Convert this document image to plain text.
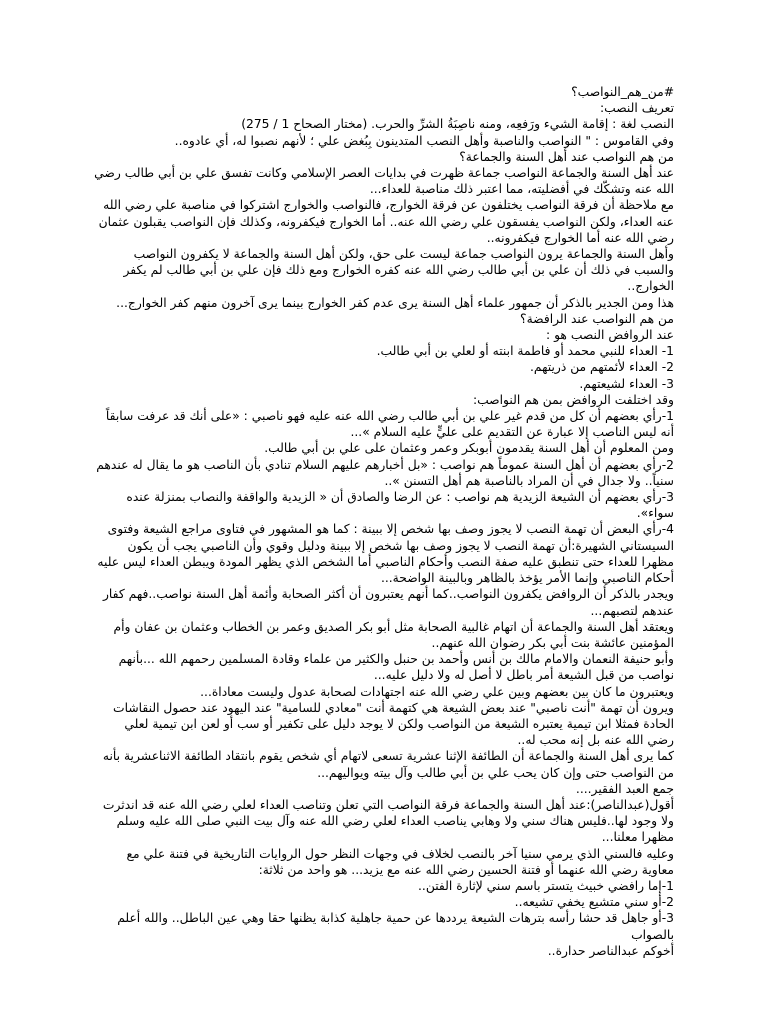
#من_هم_النواصب؟

تعريف النصب:

النصب لغة : إقامة الشيء ورَفعِه، ومنه ناصِبَةُ الشرِّ والحرب. (مختار الصحاح 1 / 275)

وفي القاموس : " النواصب والناصبة وأهل النصب المتدينون بِبُغض علي ؛ لأنهم نصبوا له، أي عادوه..

من هم النواصب عند أهل السنة والجماعة؟

عند أهل السنة والجماعة النواصب جماعة ظهرت في بدايات العصر الإسلامي وكانت تفسق علي بن أبي طالب رضي الله عنه وتشكّك في أفضليته، مما اعتبر ذلك مناصبة للعداء...

مع ملاحظة أن فرقة النواصب يختلفون عن فرقة الخوارج، فالنواصب والخوارج اشتركوا في مناصبة علي رضي الله عنه العداء، ولكن النواصب يفسقون علي رضي الله عنه.. أما الخوارج فيكفرونه، وكذلك فإن النواصب يقبلون عثمان رضي الله عنه أما الخوارج فيكفرونه..

وأهل السنة والجماعة يرون النواصب جماعة ليست على حق، ولكن أهل السنة والجماعة لا يكفرون النواصب والسبب في ذلك أن علي بن أبي طالب رضي الله عنه كفره الخوارج ومع ذلك فإن علي بن أبي طالب لم يكفر الخوارج..

هذا ومن الجدير بالذكر أن جمهور علماء أهل السنة يرى عدم كفر الخوارج بينما يرى آخرون منهم كفر الخوارج...

من هم النواصب عند الرافضة؟

عند الروافض النصب هو :

1- العداء للنبي محمد أو فاطمة ابنته أو لعلي بن أبي طالب.

2- العداء لأئمتهم من ذريتهم.

3- العداء لشيعتهم.

وقد اختلفت الروافض بمن هم النواصب:

1-رأي بعضهم أن كل من قدم غير علي بن أبي طالب رضي الله عنه عليه فهو ناصبي : «على أنك قد عرفت سابقاً أنه ليس الناصب إلا عبارة عن التقديم على عليٍّ عليه السلام »...

ومن المعلوم أن أهل السنة يقدمون أبوبكر وعمر وعثمان على علي بن أبي طالب.

2-رأي بعضهم أن أهل السنة عموماً هم نواصب : «بل أخبارهم عليهم السلام تنادي بأن الناصب هو ما يقال له عندهم سنياً.. ولا جدال في أن المراد بالناصبة هم أهل التسنن »..

3-رأي بعضهم أن الشيعة الزيدية هم نواصب : عن الرضا والصادق أن « الزيدية والواقفة والنصاب بمنزلة عنده سواء».

4-رأي البعض أن تهمة النصب لا يجوز وصف بها شخص إلا ببينة : كما هو المشهور في فتاوى مراجع الشيعة وفتوى السيستاني الشهيرة:أن تهمة النصب لا يجوز وصف بها شخص إلا ببينة ودليل وقوي وأن الناصبي يجب أن يكون مظهرا للعداء حتى تنطبق عليه صفة النصب وأحكام الناصبي أما الشخص الذي يظهر المودة ويبطن العداء ليس عليه أحكام الناصبي وإنما الأمر يؤخذ بالظاهر وبالبينة الواضحة...

ويجدر بالذكر أن الروافض يكفرون النواصب..كما أنهم يعتبرون أن أكثر الصحابة وأئمة أهل السنة نواصب..فهم كفار عندهم لتصبهم...

ويعتقد أهل السنة والجماعة أن اتهام غالبية الصحابة مثل أبو بكر الصديق وعمر بن الخطاب وعثمان بن عفان وأم المؤمنين عائشة بنت أبي بكر رضوان الله عنهم..

وأبو حنيفة النعمان والامام مالك بن أنس وأحمد بن حنبل والكثير من علماء وقادة المسلمين رحمهم الله ...بأنهم نواصب من قبل الشيعة أمر باطل لا أصل له ولا دليل عليه...

ويعتبرون ما كان بين بعضهم وبين علي رضي الله عنه اجتهادات لصحابة عدول وليست معاداة...

ويرون أن تهمة "أنت ناصبي" عند بعض الشيعة هي كتهمة أنت "معادي للسامية" عند اليهود عند حصول النقاشات الحادة فمثلا ابن تيمية يعتبره الشيعة من النواصب ولكن لا يوجد دليل على تكفير أو سب أو لعن ابن تيمية لعلي رضي الله عنه بل إنه محب له..

كما يرى أهل السنة والجماعة أن الطائفة الإثنا عشرية تسعى لاتهام أي شخص يقوم بانتقاد الطائفة الاثناعشرية بأنه من النواصب حتى وإن كان يحب علي بن أبي طالب وآل بيته ويواليهم...

جمع العبد الفقير....

أقول(عبدالناصر):عند أهل السنة والجماعة فرقة النواصب التي تعلن وتناصب العداء لعلي رضي الله عنه قد اندثرت ولا وجود لها..فليس هناك سني ولا وهابي يناصب العداء لعلي رضي الله عنه وآل بيت النبي صلى الله عليه وسلم مظهرا معلنا...

وعليه فالسني الذي يرمي سنيا آخر بالنصب لخلاف في وجهات النظر حول الروايات التاريخية في فتنة علي مع معاوية رضي الله عنهما أو فتنة الحسين رضي الله عنه مع يزيد... هو واحد من ثلاثة:

1-إما رافضي خبيث يتستر باسم سني لإثارة الفتن..

2-أو سني متشيع يخفي تشيعه..

3-أو جاهل قد حشا رأسه بترهات الشيعة يرددها عن حمية جاهلية كذابة يظنها حقا وهي عين الباطل.. والله أعلم بالصواب

أخوكم عبدالناصر حدارة..
